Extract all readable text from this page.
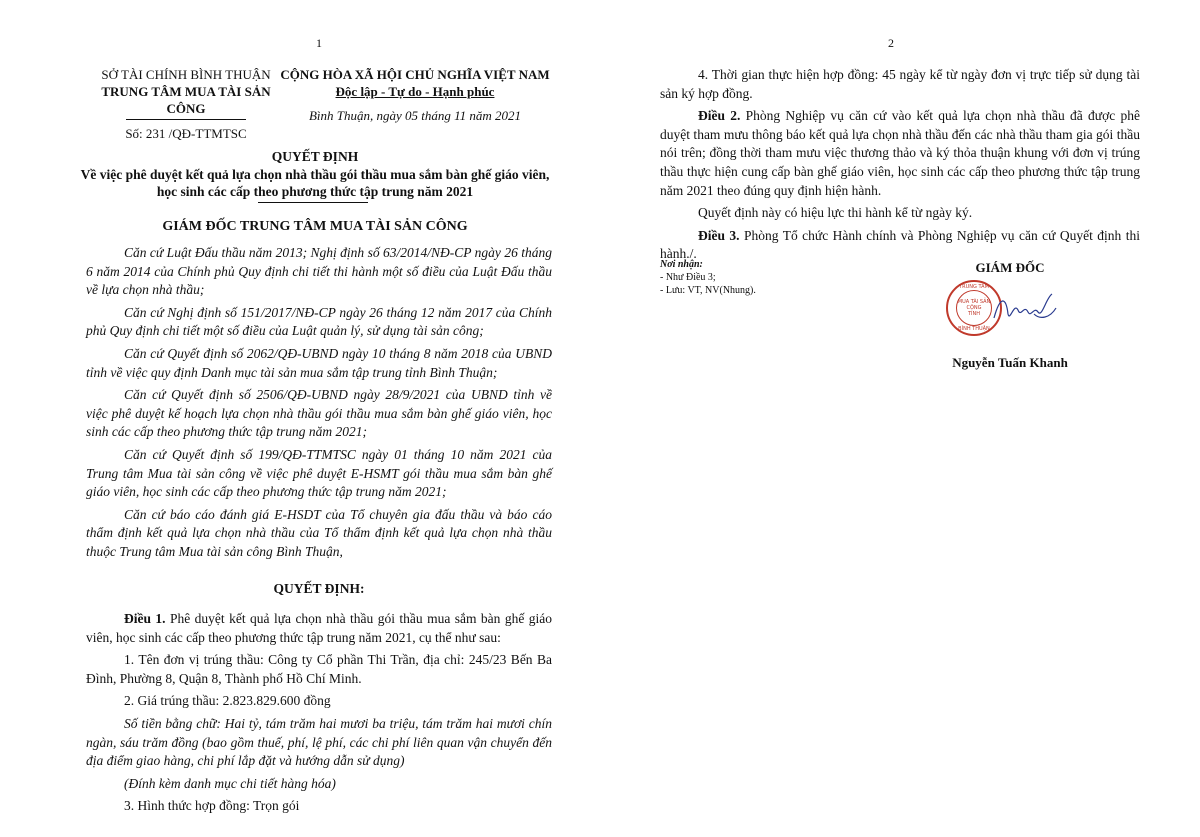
1
SỞ TÀI CHÍNH BÌNH THUẬN
TRUNG TÂM MUA TÀI SẢN CÔNG
Số: 231 /QĐ-TTMTSC
CỘNG HÒA XÃ HỘI CHỦ NGHĨA VIỆT NAM
Độc lập - Tự do - Hạnh phúc
Bình Thuận, ngày 05 tháng 11 năm 2021
QUYẾT ĐỊNH
Về việc phê duyệt kết quả lựa chọn nhà thầu gói thầu mua sắm bàn ghế giáo viên,
học sinh các cấp theo phương thức tập trung năm 2021
GIÁM ĐỐC TRUNG TÂM MUA TÀI SẢN CÔNG

Căn cứ Luật Đấu thầu năm 2013; Nghị định số 63/2014/NĐ-CP ngày 26 tháng 6 năm 2014 của Chính phủ Quy định chi tiết thi hành một số điều của Luật Đấu thầu về lựa chọn nhà thầu;

Căn cứ Nghị định số 151/2017/NĐ-CP ngày 26 tháng 12 năm 2017 của Chính phủ Quy định chi tiết một số điều của Luật quản lý, sử dụng tài sản công;

Căn cứ Quyết định số 2062/QĐ-UBND ngày 10 tháng 8 năm 2018 của UBND tỉnh về việc quy định Danh mục tài sản mua sắm tập trung tỉnh Bình Thuận;

Căn cứ Quyết định số 2506/QĐ-UBND ngày 28/9/2021 của UBND tỉnh về việc phê duyệt kế hoạch lựa chọn nhà thầu gói thầu mua sắm bàn ghế giáo viên, học sinh các cấp theo phương thức tập trung năm 2021;

Căn cứ Quyết định số 199/QĐ-TTMTSC ngày 01 tháng 10 năm 2021 của Trung tâm Mua tài sản công về việc phê duyệt E-HSMT gói thầu mua sắm bàn ghế giáo viên, học sinh các cấp theo phương thức tập trung năm 2021;

Căn cứ báo cáo đánh giá E-HSDT của Tổ chuyên gia đấu thầu và báo cáo thẩm định kết quả lựa chọn nhà thầu của Tổ thẩm định kết quả lựa chọn nhà thầu thuộc Trung tâm Mua tài sản công Bình Thuận,

QUYẾT ĐỊNH:

Điều 1. Phê duyệt kết quả lựa chọn nhà thầu gói thầu mua sắm bàn ghế giáo viên, học sinh các cấp theo phương thức tập trung năm 2021, cụ thể như sau:

1. Tên đơn vị trúng thầu: Công ty Cổ phần Thi Trần, địa chỉ: 245/23 Bến Ba Đình, Phường 8, Quận 8, Thành phố Hồ Chí Minh.

2. Giá trúng thầu: 2.823.829.600 đồng

Số tiền bằng chữ: Hai tỷ, tám trăm hai mươi ba triệu, tám trăm hai mươi chín ngàn, sáu trăm đồng (bao gồm thuế, phí, lệ phí, các chi phí liên quan vận chuyển đến địa điểm giao hàng, chi phí lắp đặt và hướng dẫn sử dụng)

(Đính kèm danh mục chi tiết hàng hóa)

3. Hình thức hợp đồng: Trọn gói

2

4. Thời gian thực hiện hợp đồng: 45 ngày kể từ ngày đơn vị trực tiếp sử dụng tài sản ký hợp đồng.

Điều 2. Phòng Nghiệp vụ căn cứ vào kết quả lựa chọn nhà thầu đã được phê duyệt tham mưu thông báo kết quả lựa chọn nhà thầu đến các nhà thầu tham gia gói thầu nói trên; đồng thời tham mưu việc thương thảo và ký thỏa thuận khung với đơn vị trúng thầu thực hiện cung cấp bàn ghế giáo viên, học sinh các cấp theo phương thức tập trung năm 2021 theo đúng quy định hiện hành.

Quyết định này có hiệu lực thi hành kể từ ngày ký.

Điều 3. Phòng Tổ chức Hành chính và Phòng Nghiệp vụ căn cứ Quyết định thi hành./.

Nơi nhận:
- Như Điều 3;
- Lưu: VT, NV(Nhung).
GIÁM ĐỐC
TRUNG TÂM
MUA TÀI SẢN CÔNG
TỈNH
BÌNH THUẬN
Nguyễn Tuấn Khanh
